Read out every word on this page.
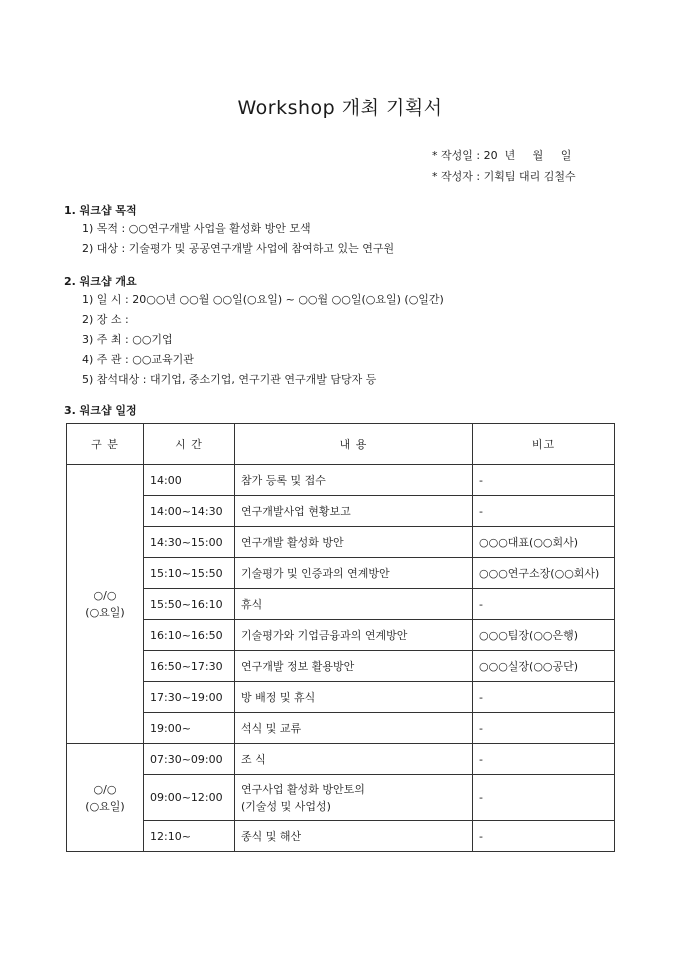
Workshop 개최 기획서
* 작성일 : 20  년     월     일
* 작성자 : 기획팀 대리 김철수
1. 워크샵 목적
1) 목적 : ○○연구개발 사업을 활성화 방안 모색
2) 대상 : 기술평가 및 공공연구개발 사업에 참여하고 있는 연구원
2. 워크샵 개요
1) 일 시 : 20○○년 ○○월 ○○일(○요일) ~ ○○월 ○○일(○요일) (○일간)
2) 장 소 :
3) 주 최 : ○○기업
4) 주 관 : ○○교육기관
5) 참석대상 : 대기업, 중소기업, 연구기관 연구개발 담당자 등
3. 워크샵 일정
구 분	시 간	내 용	비고

○/○
(○요일)	14:00	참가 등록 및 접수	-
	14:00~14:30	연구개발사업 현황보고	-
	14:30~15:00	연구개발 활성화 방안	○○○대표(○○회사)
	15:10~15:50	기술평가 및 인증과의 연계방안	○○○연구소장(○○회사)
	15:50~16:10	휴식	-
	16:10~16:50	기술평가와 기업금융과의 연계방안	○○○팀장(○○은행)
	16:50~17:30	연구개발 정보 활용방안	○○○실장(○○공단)
	17:30~19:00	방 배정 및 휴식	-
	19:00~	석식 및 교류	-

○/○
(○요일)	07:30~09:00	조 식	-
	09:00~12:00	연구사업 활성화 방안토의
(기술성 및 사업성)	-
	12:10~	종식 및 해산	-
